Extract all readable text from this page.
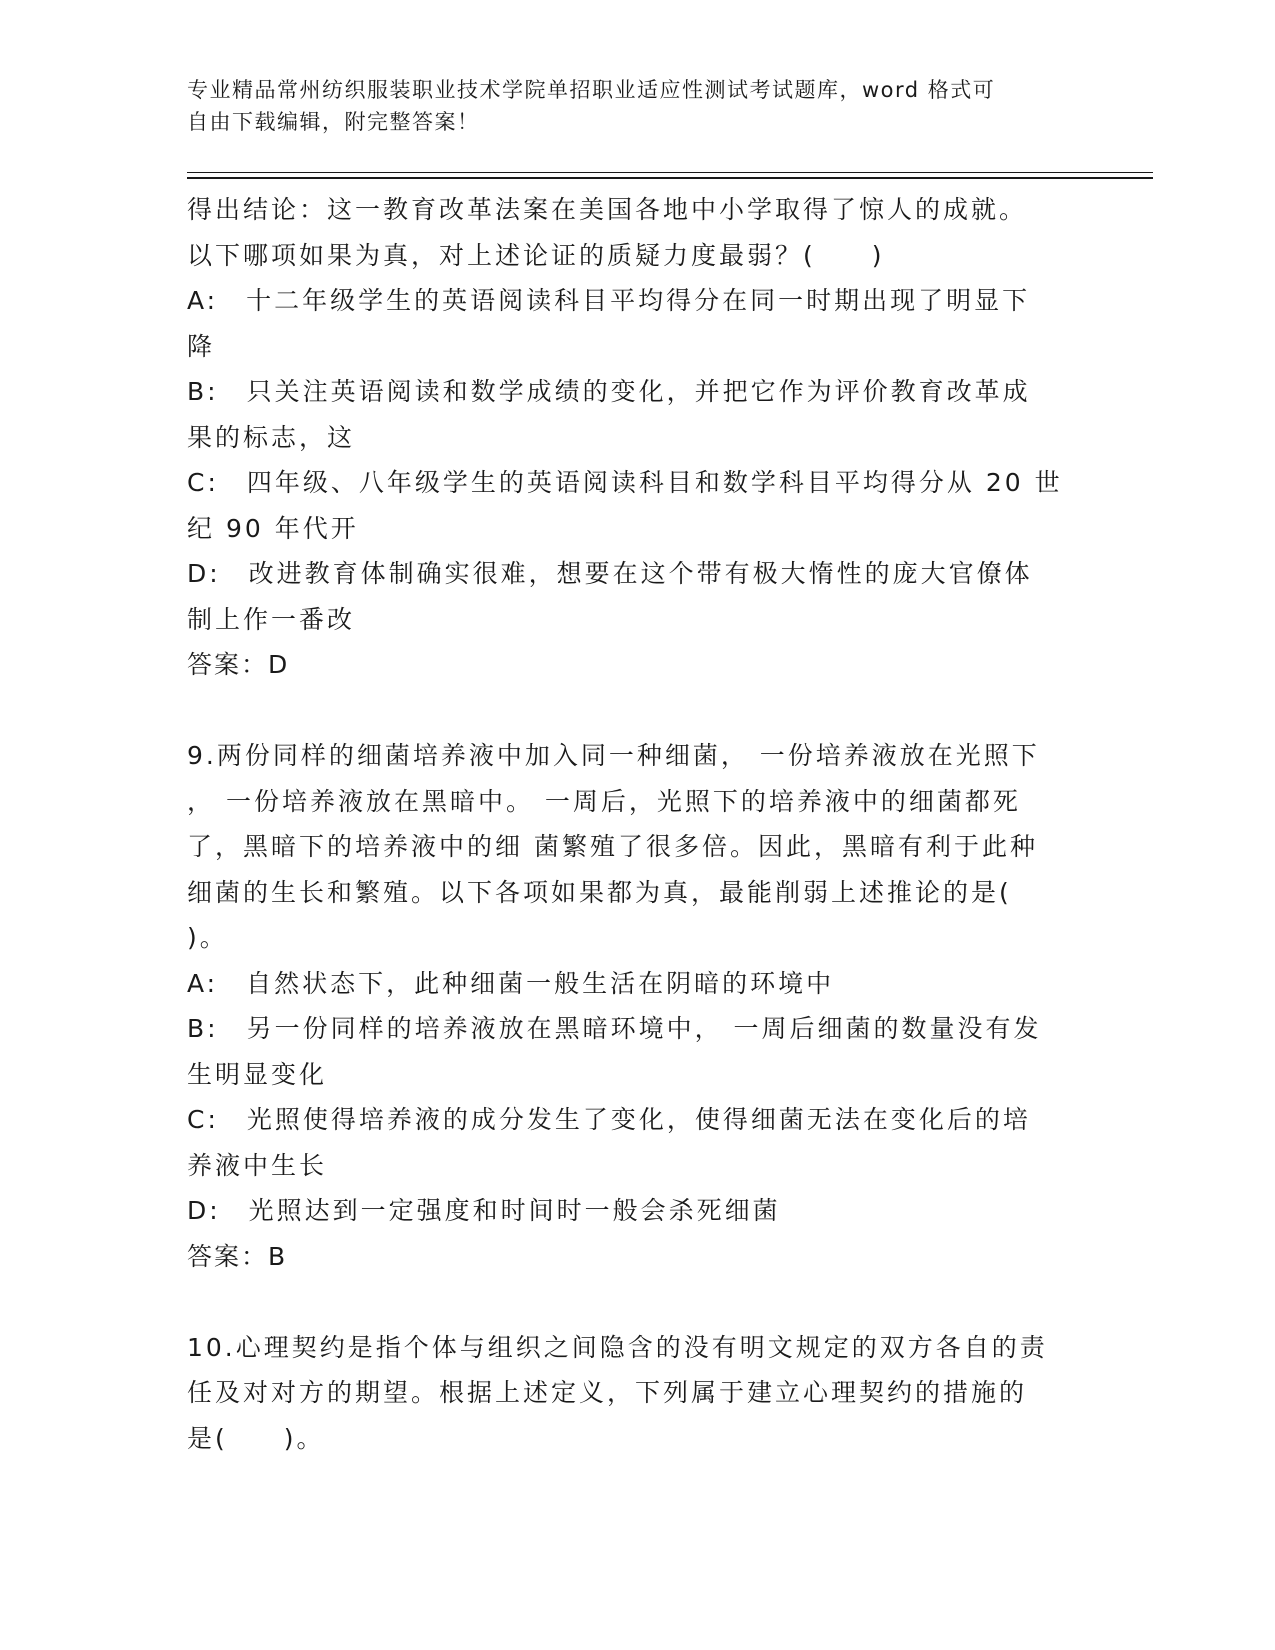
专业精品常州纺织服装职业技术学院单招职业适应性测试考试题库，word 格式可
自由下载编辑，附完整答案！
得出结论：这一教育改革法案在美国各地中小学取得了惊人的成就。
以下哪项如果为真，对上述论证的质疑力度最弱？(　　)
A:　十二年级学生的英语阅读科目平均得分在同一时期出现了明显下
降
B:　只关注英语阅读和数学成绩的变化，并把它作为评价教育改革成
果的标志，这
C:　四年级、八年级学生的英语阅读科目和数学科目平均得分从 20 世
纪 90 年代开
D:　改进教育体制确实很难，想要在这个带有极大惰性的庞大官僚体
制上作一番改
答案：D
9.两份同样的细菌培养液中加入同一种细菌， 一份培养液放在光照下
， 一份培养液放在黑暗中。 一周后，光照下的培养液中的细菌都死
了，黑暗下的培养液中的细 菌繁殖了很多倍。因此，黑暗有利于此种
细菌的生长和繁殖。以下各项如果都为真，最能削弱上述推论的是(
)。
A:　自然状态下，此种细菌一般生活在阴暗的环境中
B:　另一份同样的培养液放在黑暗环境中， 一周后细菌的数量没有发
生明显变化
C:　光照使得培养液的成分发生了变化，使得细菌无法在变化后的培
养液中生长
D:　光照达到一定强度和时间时一般会杀死细菌
答案：B
10.心理契约是指个体与组织之间隐含的没有明文规定的双方各自的责
任及对对方的期望。根据上述定义，下列属于建立心理契约的措施的
是(　　)。
